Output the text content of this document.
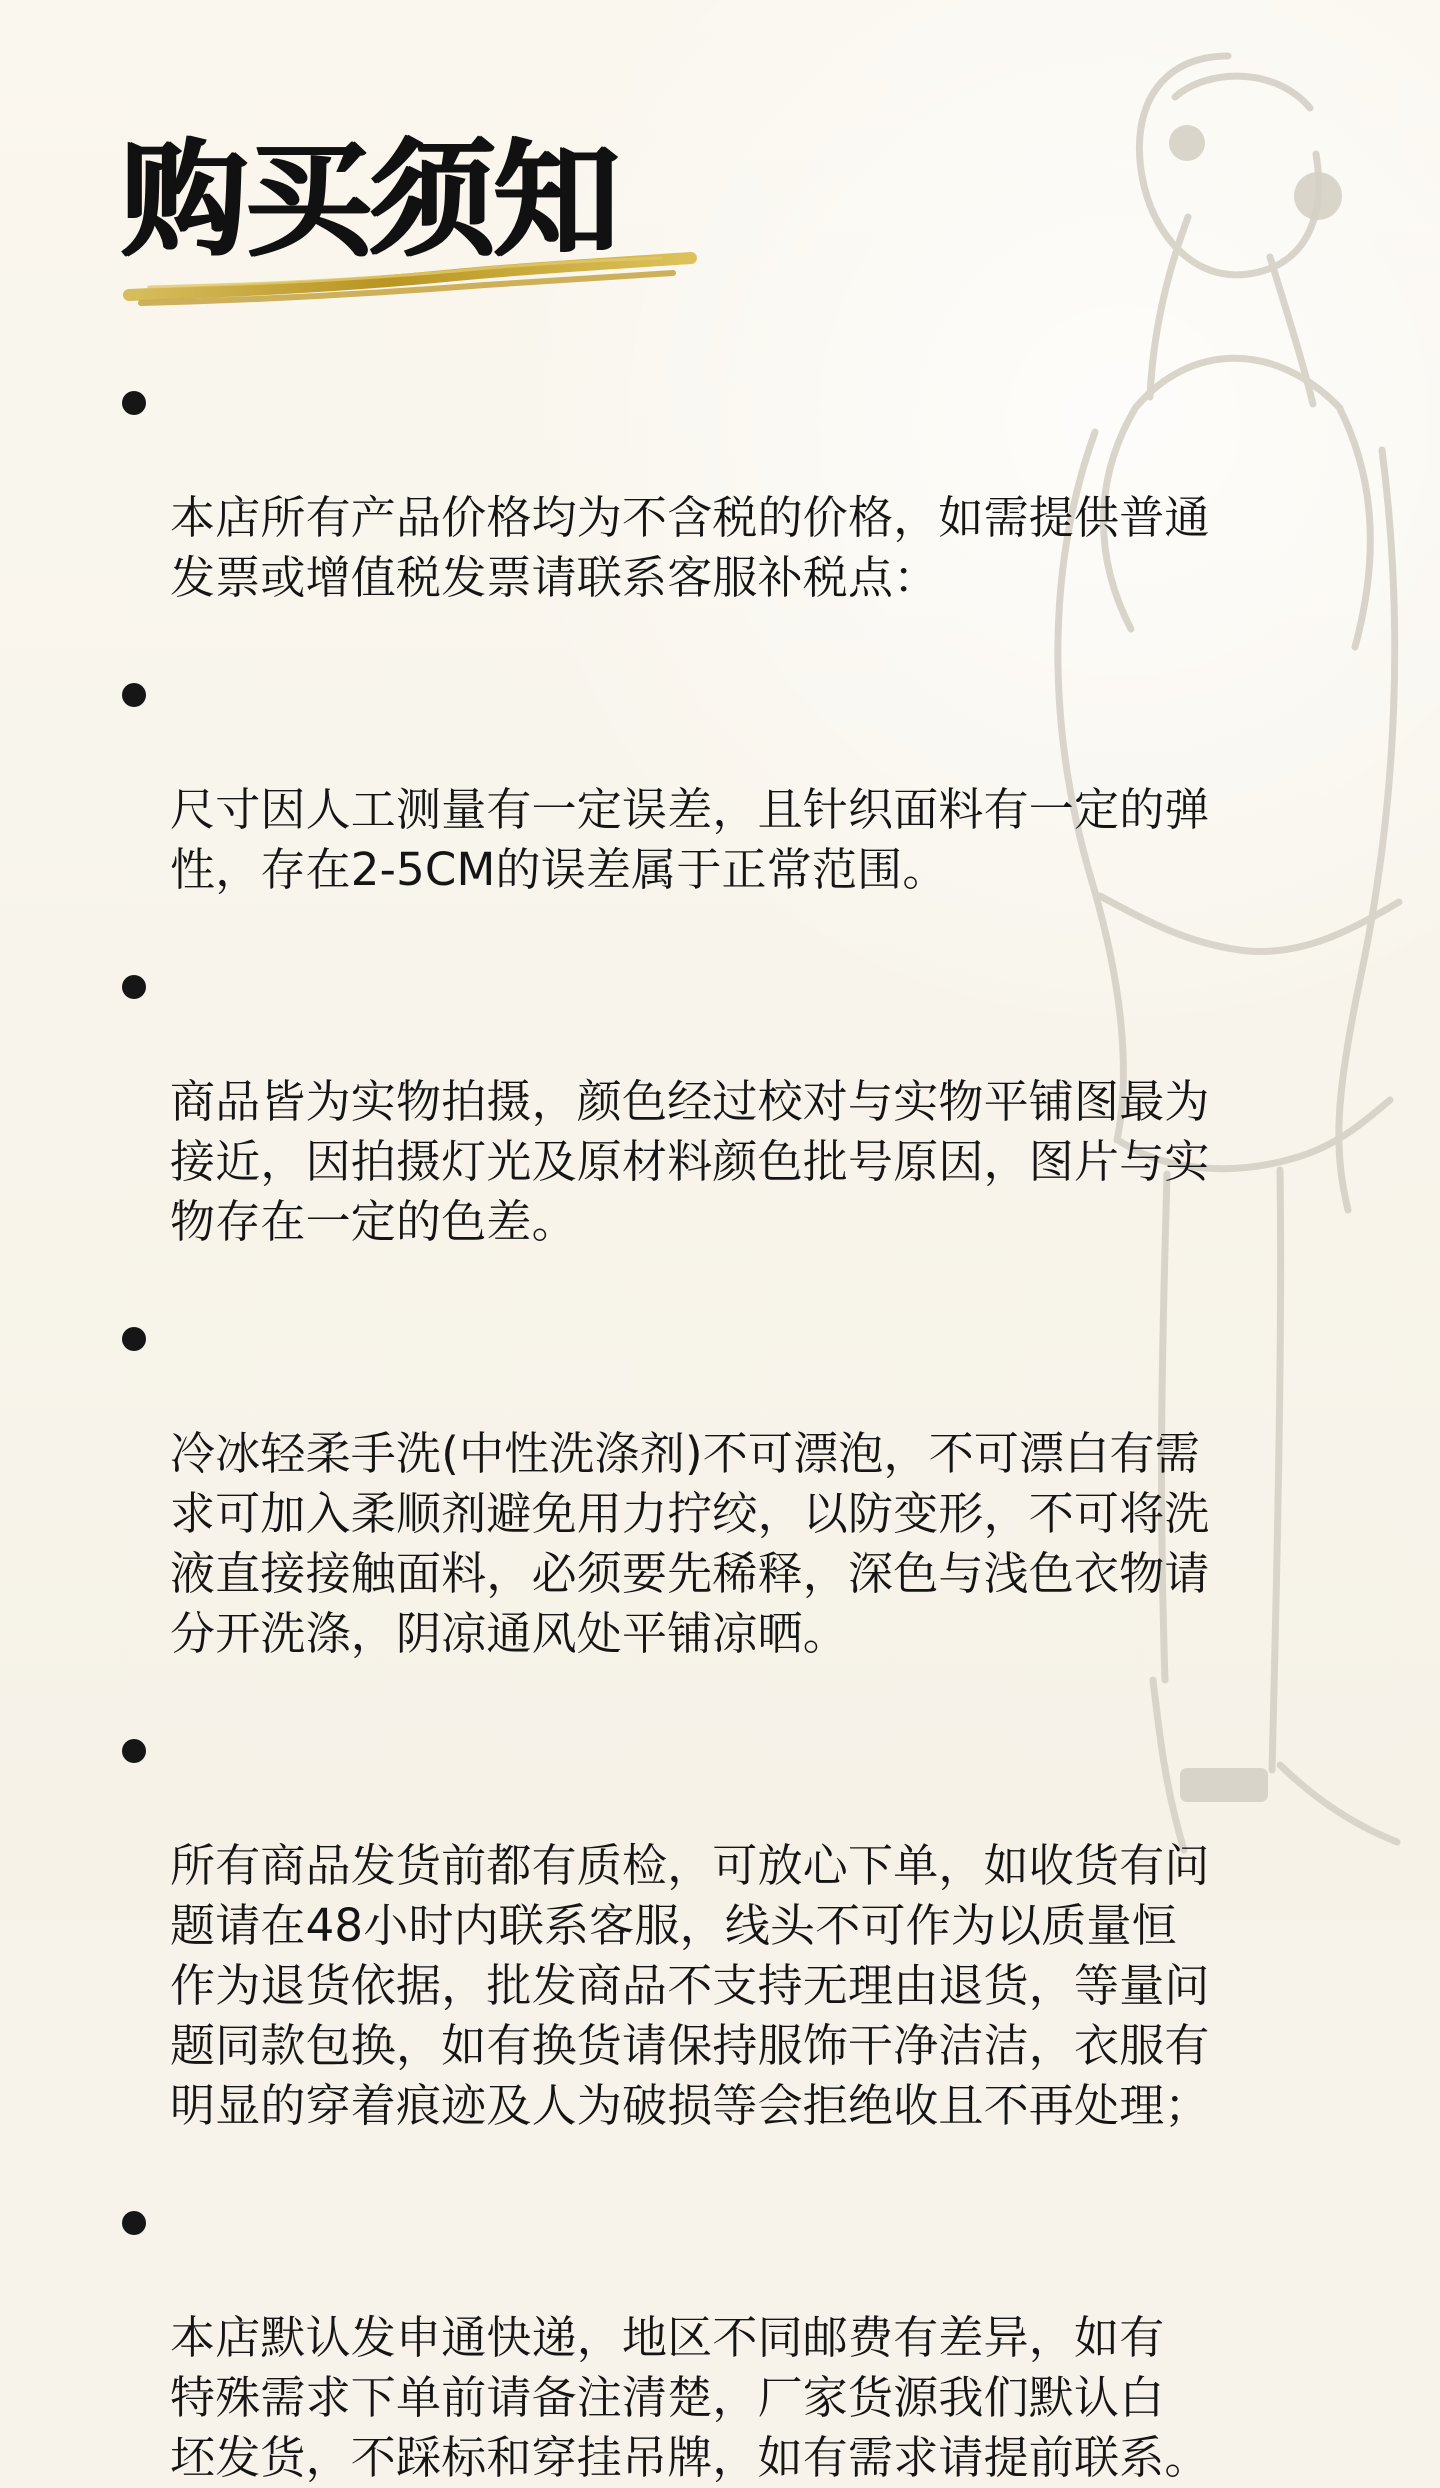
购买须知

本店所有产品价格均为不含税的价格，如需提供普通
发票或增值税发票请联系客服补税点：

尺寸因人工测量有一定误差，且针织面料有一定的弹
性，存在2-5CM的误差属于正常范围。

商品皆为实物拍摄，颜色经过校对与实物平铺图最为
接近，因拍摄灯光及原材料颜色批号原因，图片与实
物存在一定的色差。

冷冰轻柔手洗(中性洗涤剂)不可漂泡，不可漂白有需
求可加入柔顺剂避免用力拧绞，以防变形，不可将洗
液直接接触面料，必须要先稀释，深色与浅色衣物请
分开洗涤，阴凉通风处平铺凉晒。

所有商品发货前都有质检，可放心下单，如收货有问
题请在48小时内联系客服，线头不可作为以质量恒
作为退货依据，批发商品不支持无理由退货，等量问
题同款包换，如有换货请保持服饰干净洁洁，衣服有
明显的穿着痕迹及人为破损等会拒绝收且不再处理；

本店默认发申通快递，地区不同邮费有差异，如有
特殊需求下单前请备注清楚，厂家货源我们默认白
坯发货，不踩标和穿挂吊牌，如有需求请提前联系。
